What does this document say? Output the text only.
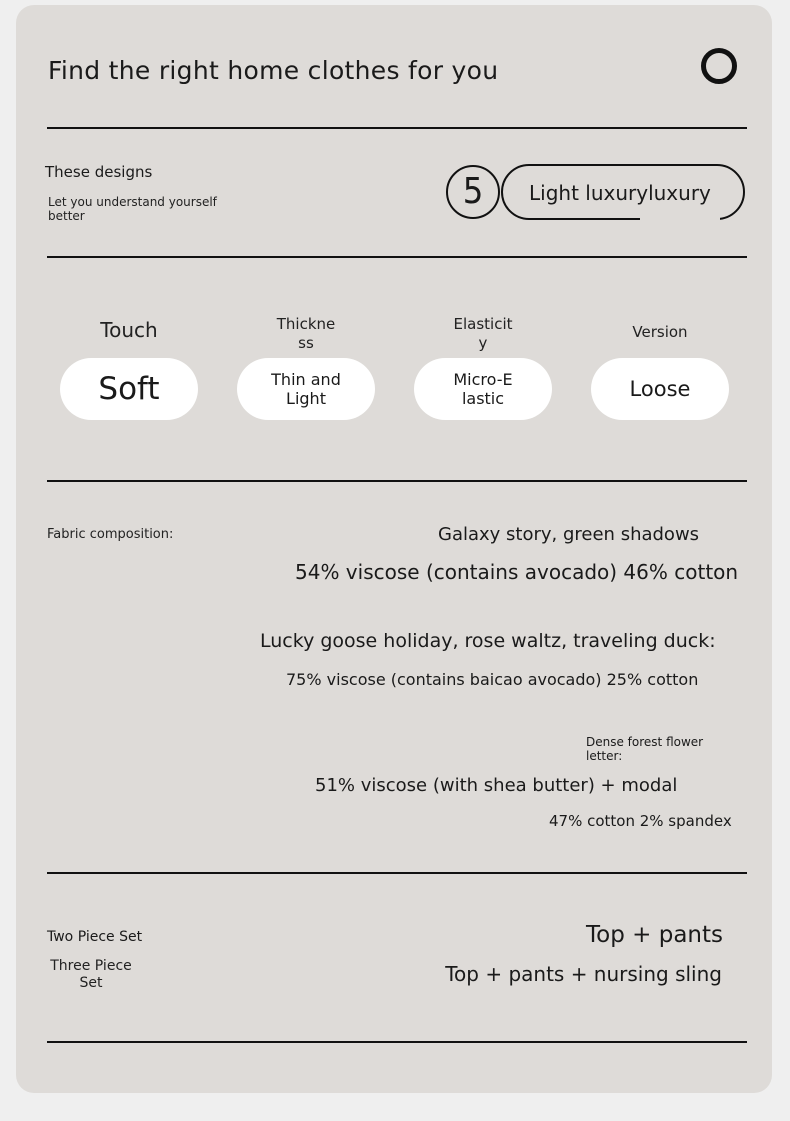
Find the right home clothes for you
These designs
Let you understand yourself better
5	Light luxuryluxury
Touch
Soft
Thickne ss
Thin and Light
Elasticit y
Micro-Elastic
Version
Loose
Fabric composition:	Galaxy story, green shadows
54% viscose (contains avocado) 46% cotton
Lucky goose holiday, rose waltz, traveling duck:
75% viscose (contains baicao avocado) 25% cotton
Dense forest flower letter:
51% viscose (with shea butter) + modal
47% cotton 2% spandex
Two Piece Set
Three Piece Set
Top + pants
Top + pants + nursing sling
